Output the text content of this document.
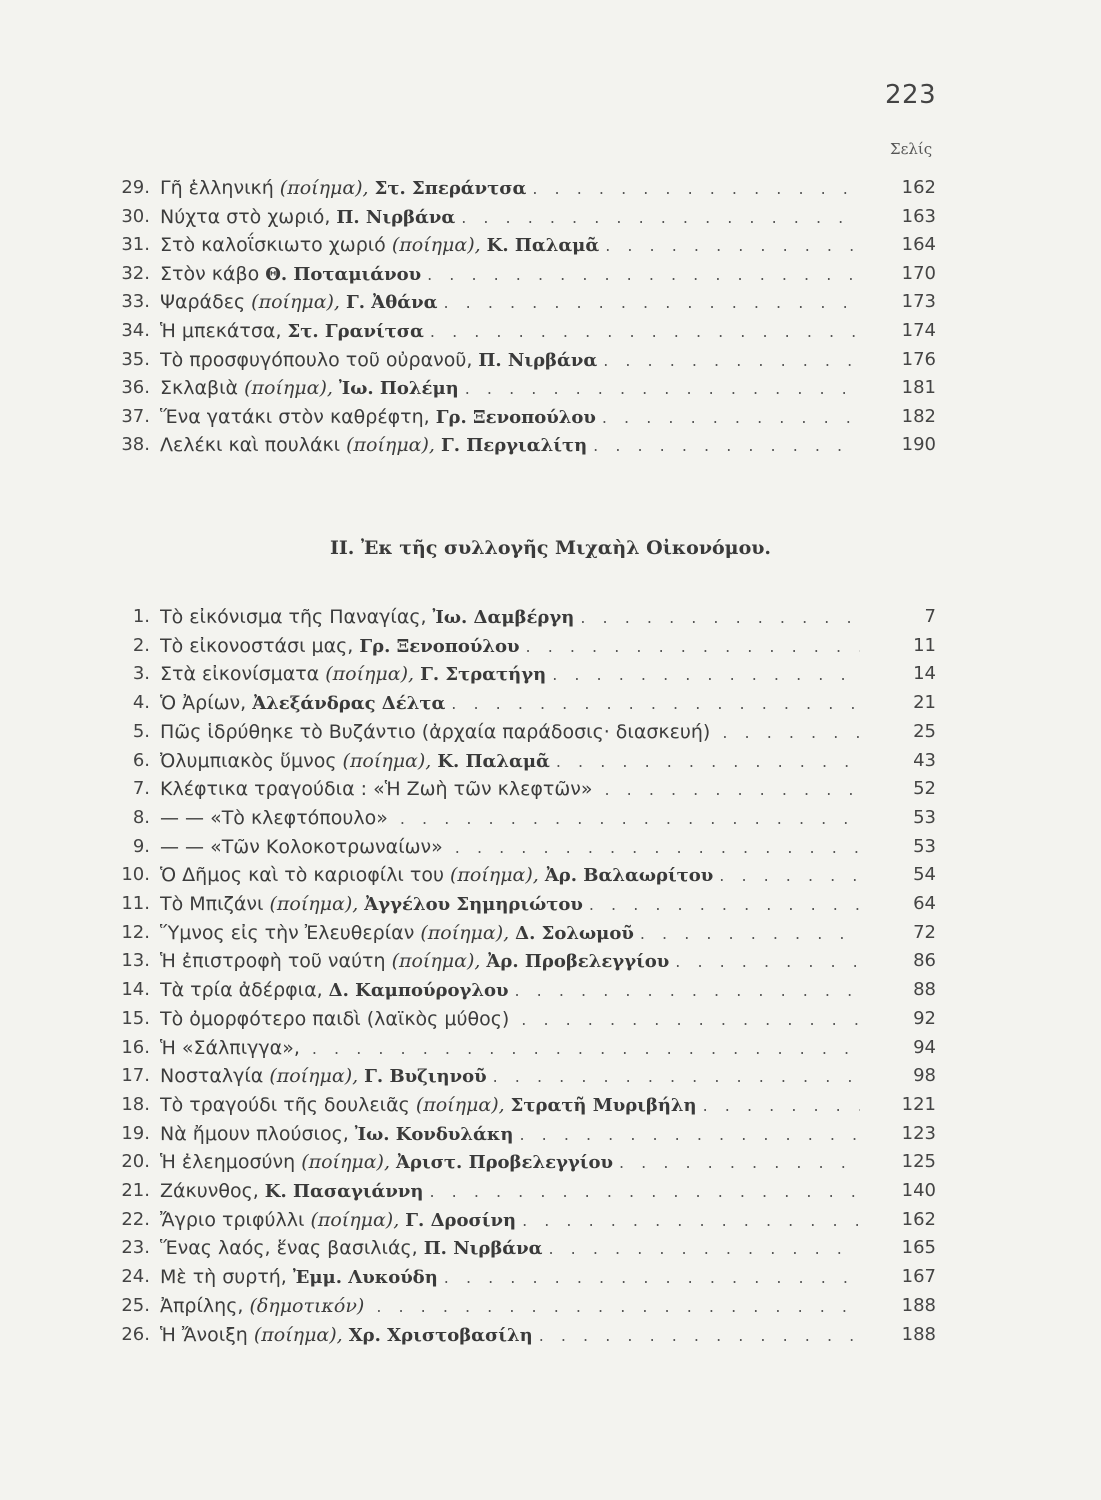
223
Σελίς
29. Γῆ ἑλληνική (ποίημα), Στ. Σπεράντσα . . .	162
30. Νύχτα στὸ χωριό, Π. Νιρβάνα . . .	163
31. Στὸ καλοΐσκιωτο χωριό (ποίημα), Κ. Παλαμᾶ . . .	164
32. Στὸν κάβο Θ. Ποταμιάνου . . .	170
33. Ψαράδες (ποίημα), Γ. Ἀθάνα . . .	173
34. Ἡ μπεκάτσα, Στ. Γρανίτσα . . .	174
35. Τὸ προσφυγόπουλο τοῦ οὐρανοῦ, Π. Νιρβάνα . . .	176
36. Σκλαβιὰ (ποίημα), Ἰω. Πολέμη . . .	181
37. Ἕνα γατάκι στὸν καθρέφτη, Γρ. Ξενοπούλου . . .	182
38. Λελέκι καὶ πουλάκι (ποίημα), Γ. Περγιαλίτη . . .	190
ΙΙ. Ἐκ τῆς συλλογῆς Μιχαὴλ Οἰκονόμου.
1. Τὸ εἰκόνισμα τῆς Παναγίας, Ἰω. Δαμβέργη . . .	7
2. Τὸ εἰκονοστάσι μας, Γρ. Ξενοπούλου . . .	11
3. Στὰ εἰκονίσματα (ποίημα), Γ. Στρατήγη . . .	14
4. Ὁ Ἀρίων, Ἀλεξάνδρας Δέλτα . . .	21
5. Πῶς ἱδρύθηκε τὸ Βυζάντιο (ἀρχαία παράδοσις· διασκευή) . . .	25
6. Ὀλυμπιακὸς ὕμνος (ποίημα), Κ. Παλαμᾶ . . .	43
7. Κλέφτικα τραγούδια : «Ἡ Ζωὴ τῶν κλεφτῶν» . . .	52
8. — — «Τὸ κλεφτόπουλο» . . .	53
9. — — «Τῶν Κολοκοτρωναίων» . . .	53
10. Ὁ Δῆμος καὶ τὸ καριοφίλι του (ποίημα), Ἀρ. Βαλαωρίτου . . .	54
11. Τὸ Μπιζάνι (ποίημα), Ἀγγέλου Σημηριώτου . . .	64
12. Ὕμνος εἰς τὴν Ἐλευθερίαν (ποίημα), Δ. Σολωμοῦ . . .	72
13. Ἡ ἐπιστροφὴ τοῦ ναύτη (ποίημα), Ἀρ. Προβελεγγίου . . .	86
14. Τὰ τρία ἀδέρφια, Δ. Καμπούρογλου . . .	88
15. Τὸ ὀμορφότερο παιδὶ (λαϊκὸς μύθος) . . .	92
16. Ἡ «Σάλπιγγα», . . .	94
17. Νοσταλγία (ποίημα), Γ. Βυζιηνοῦ . . .	98
18. Τὸ τραγούδι τῆς δουλειᾶς (ποίημα), Στρατῆ Μυριβήλη . . .	121
19. Νὰ ἤμουν πλούσιος, Ἰω. Κονδυλάκη . . .	123
20. Ἡ ἐλεημοσύνη (ποίημα), Ἀριστ. Προβελεγγίου . . .	125
21. Ζάκυνθος, Κ. Πασαγιάννη . . .	140
22. Ἄγριο τριφύλλι (ποίημα), Γ. Δροσίνη . . .	162
23. Ἕνας λαός, ἕνας βασιλιάς, Π. Νιρβάνα . . .	165
24. Μὲ τὴ συρτή, Ἐμμ. Λυκούδη . . .	167
25. Ἀπρίλης, (δημοτικόν) . . .	188
26. Ἡ Ἄνοιξη (ποίημα), Χρ. Χριστοβασίλη . . .	188
